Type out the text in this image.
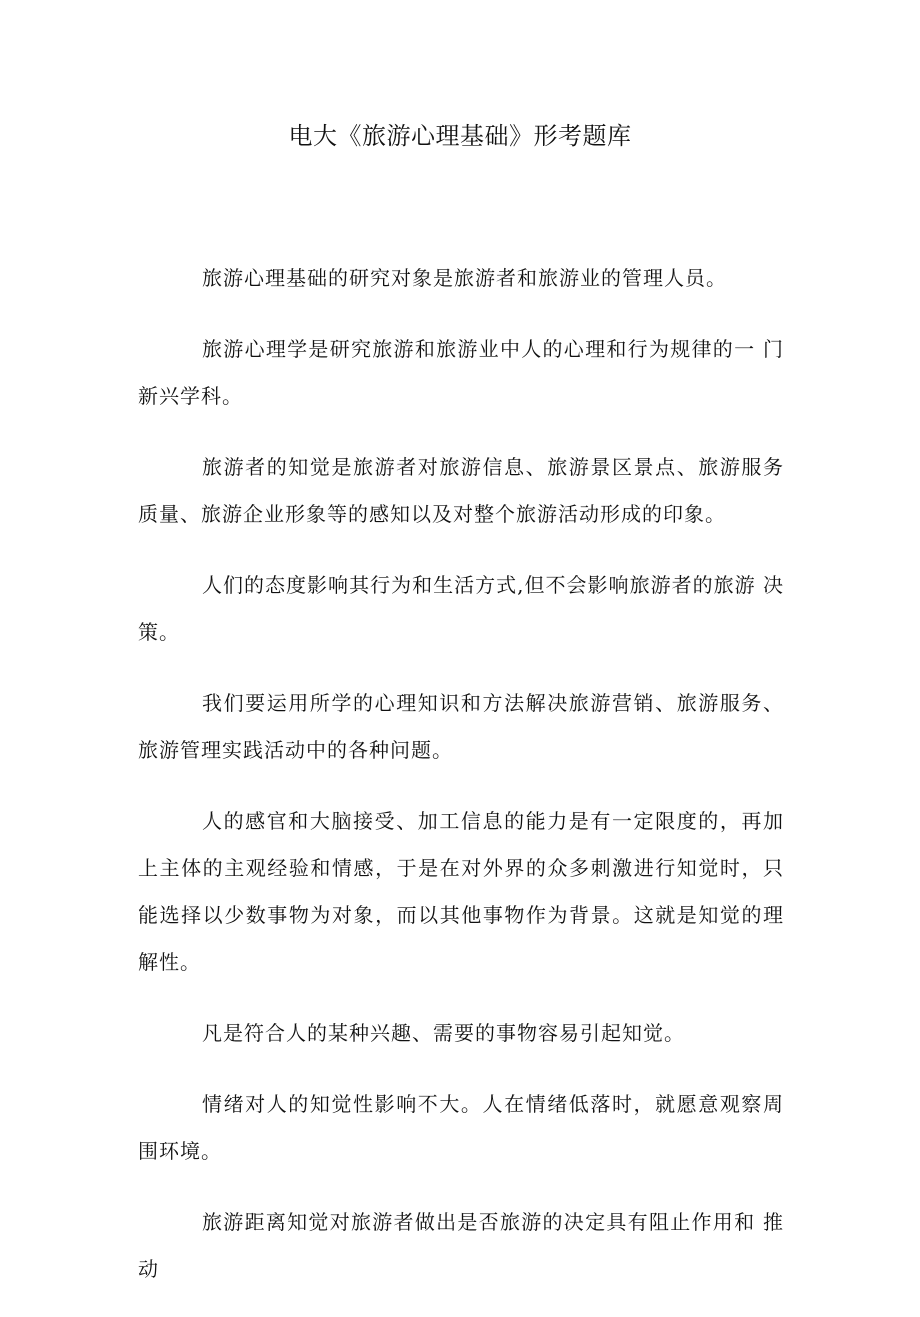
电大《旅游心理基础》形考题库

旅游心理基础的研究对象是旅游者和旅游业的管理人员。

旅游心理学是研究旅游和旅游业中人的心理和行为规律的一 门新兴学科。

旅游者的知觉是旅游者对旅游信息、旅游景区景点、旅游服务 质量、旅游企业形象等的感知以及对整个旅游活动形成的印象。

人们的态度影响其行为和生活方式,但不会影响旅游者的旅游 决策。

我们要运用所学的心理知识和方法解决旅游营销、旅游服务、 旅游管理实践活动中的各种问题。

人的感官和大脑接受、加工信息的能力是有一定限度的，再加 上主体的主观经验和情感，于是在对外界的众多刺激进行知觉时，只 能选择以少数事物为对象，而以其他事物作为背景。这就是知觉的理 解性。

凡是符合人的某种兴趣、需要的事物容易引起知觉。

情绪对人的知觉性影响不大。人在情绪低落时，就愿意观察周 围环境。

旅游距离知觉对旅游者做出是否旅游的决定具有阻止作用和 推动
